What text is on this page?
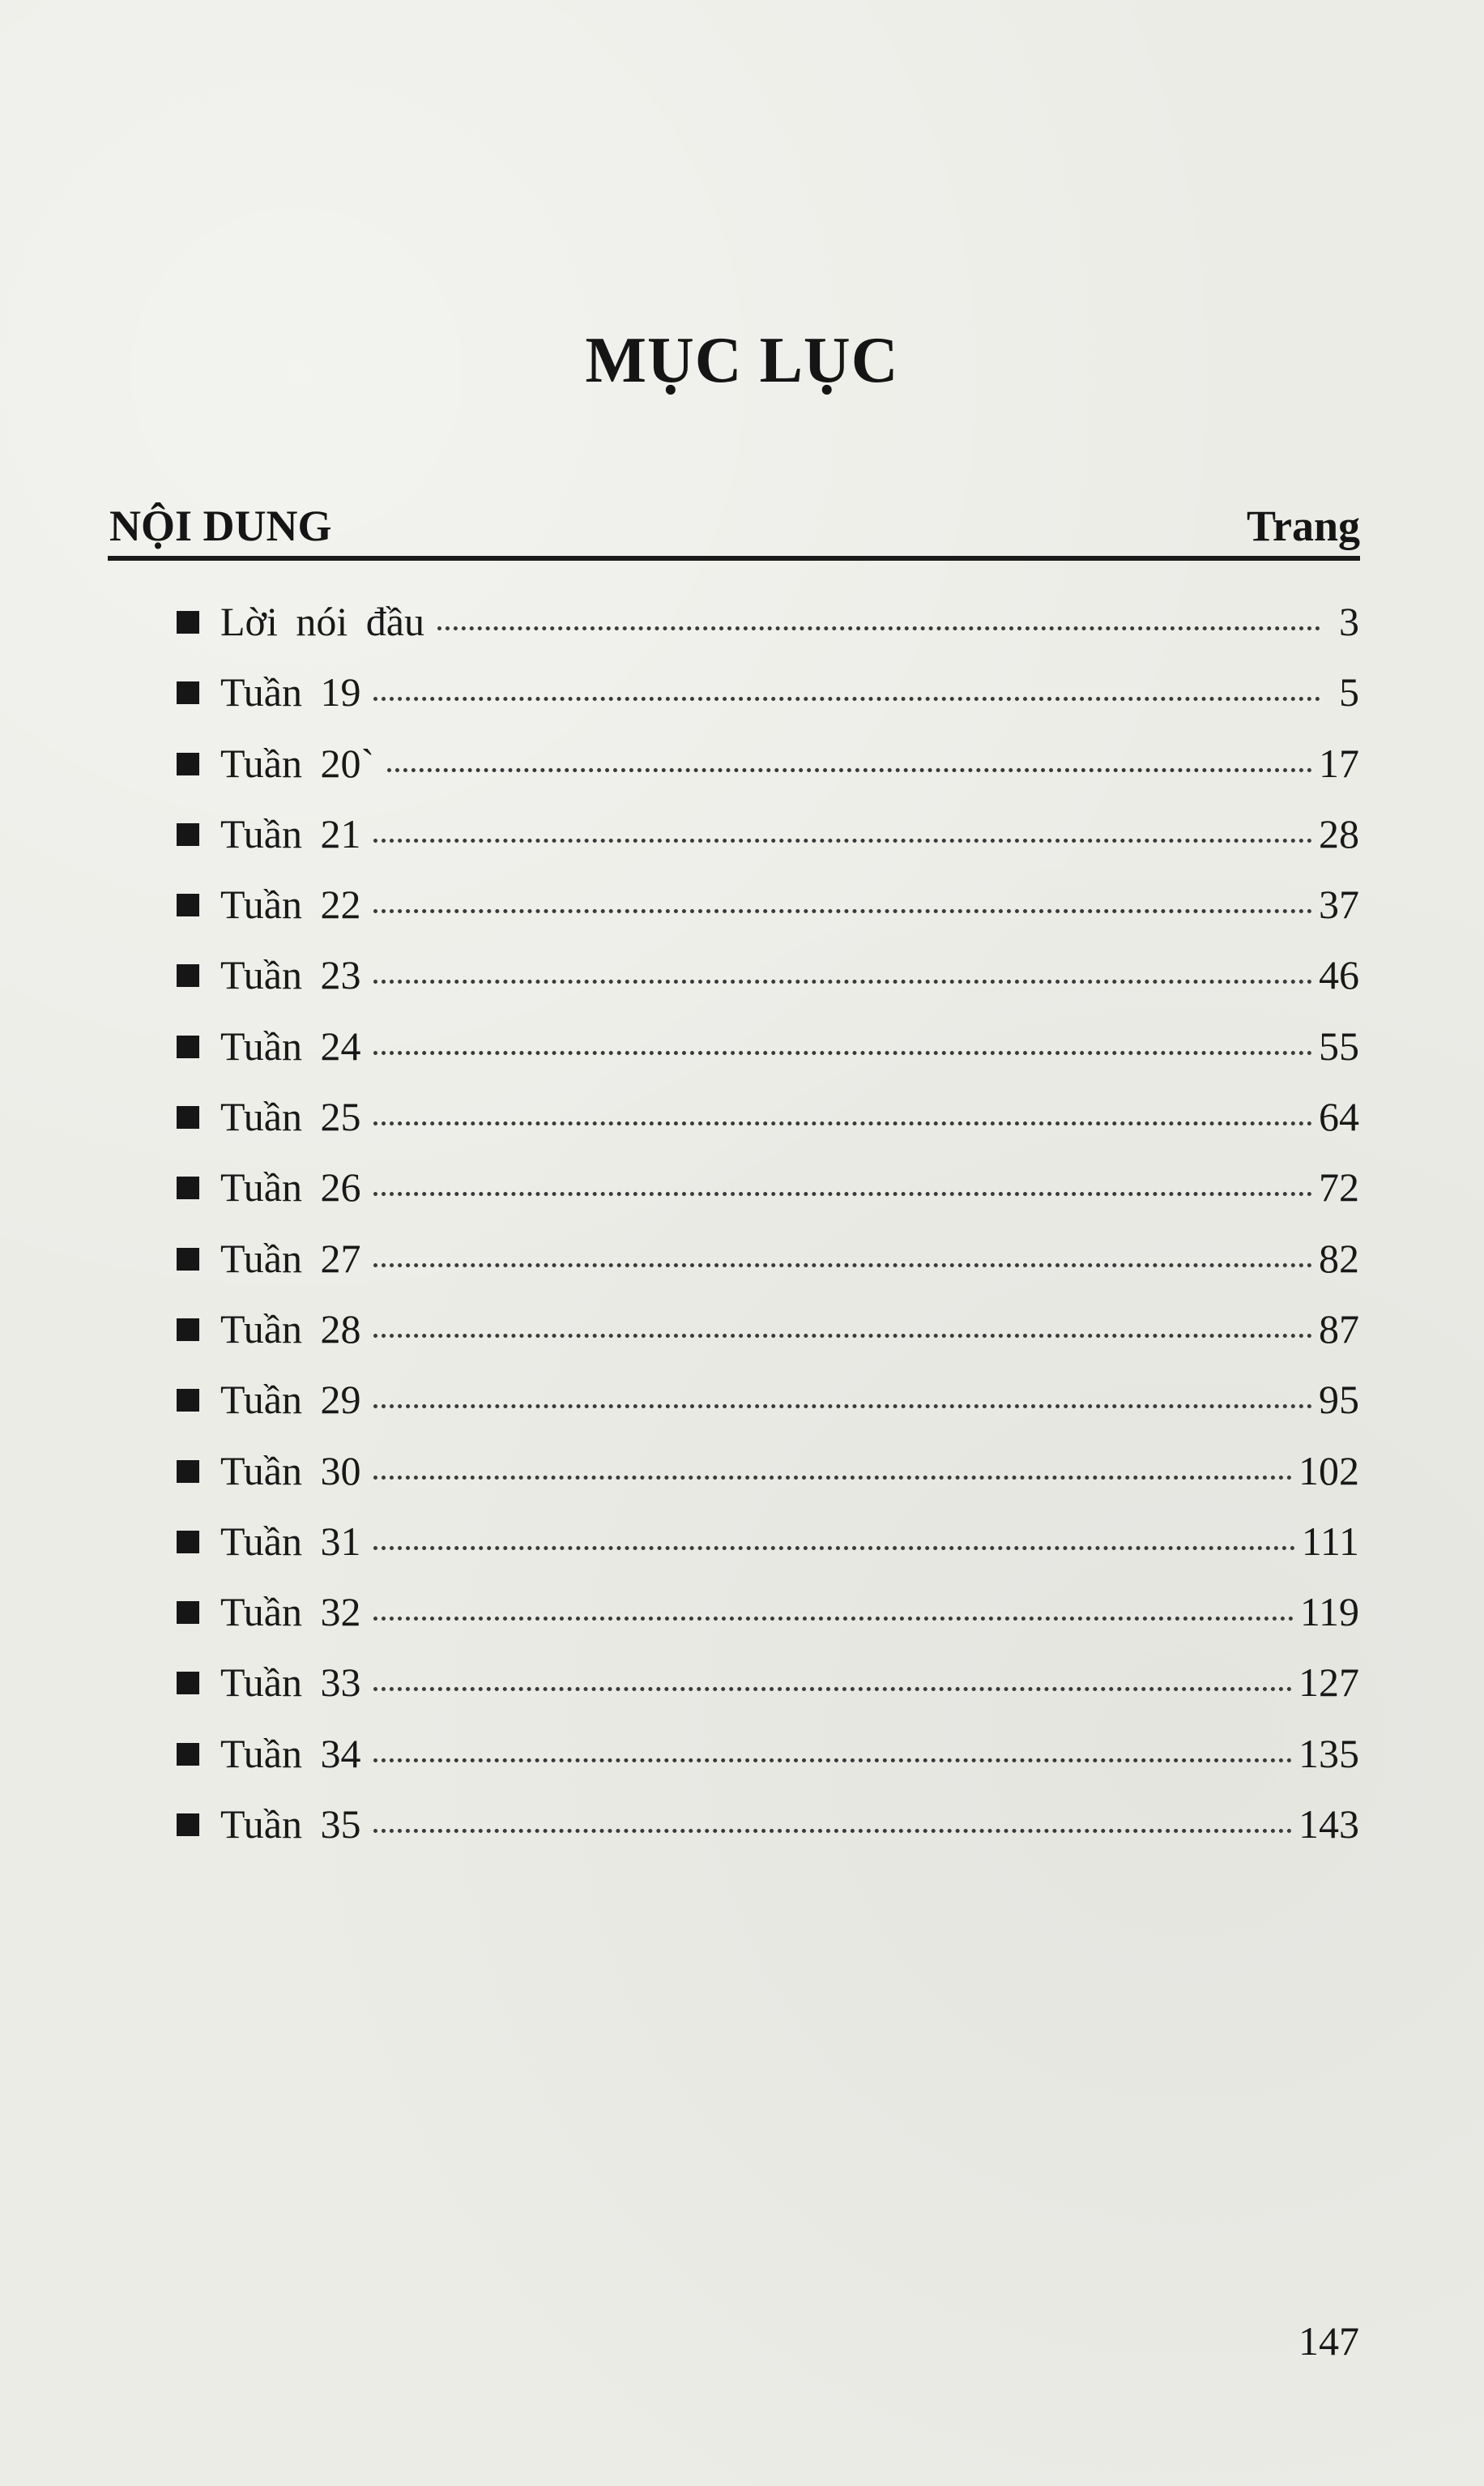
MỤC LỤC
NỘI DUNG	Trang
Lời nói đầu	3
Tuần 19	5
Tuần 20`	17
Tuần 21	28
Tuần 22	37
Tuần 23	46
Tuần 24	55
Tuần 25	64
Tuần 26	72
Tuần 27	82
Tuần 28	87
Tuần 29	95
Tuần 30	102
Tuần 31	111
Tuần 32	119
Tuần 33	127
Tuần 34	135
Tuần 35	143
147
